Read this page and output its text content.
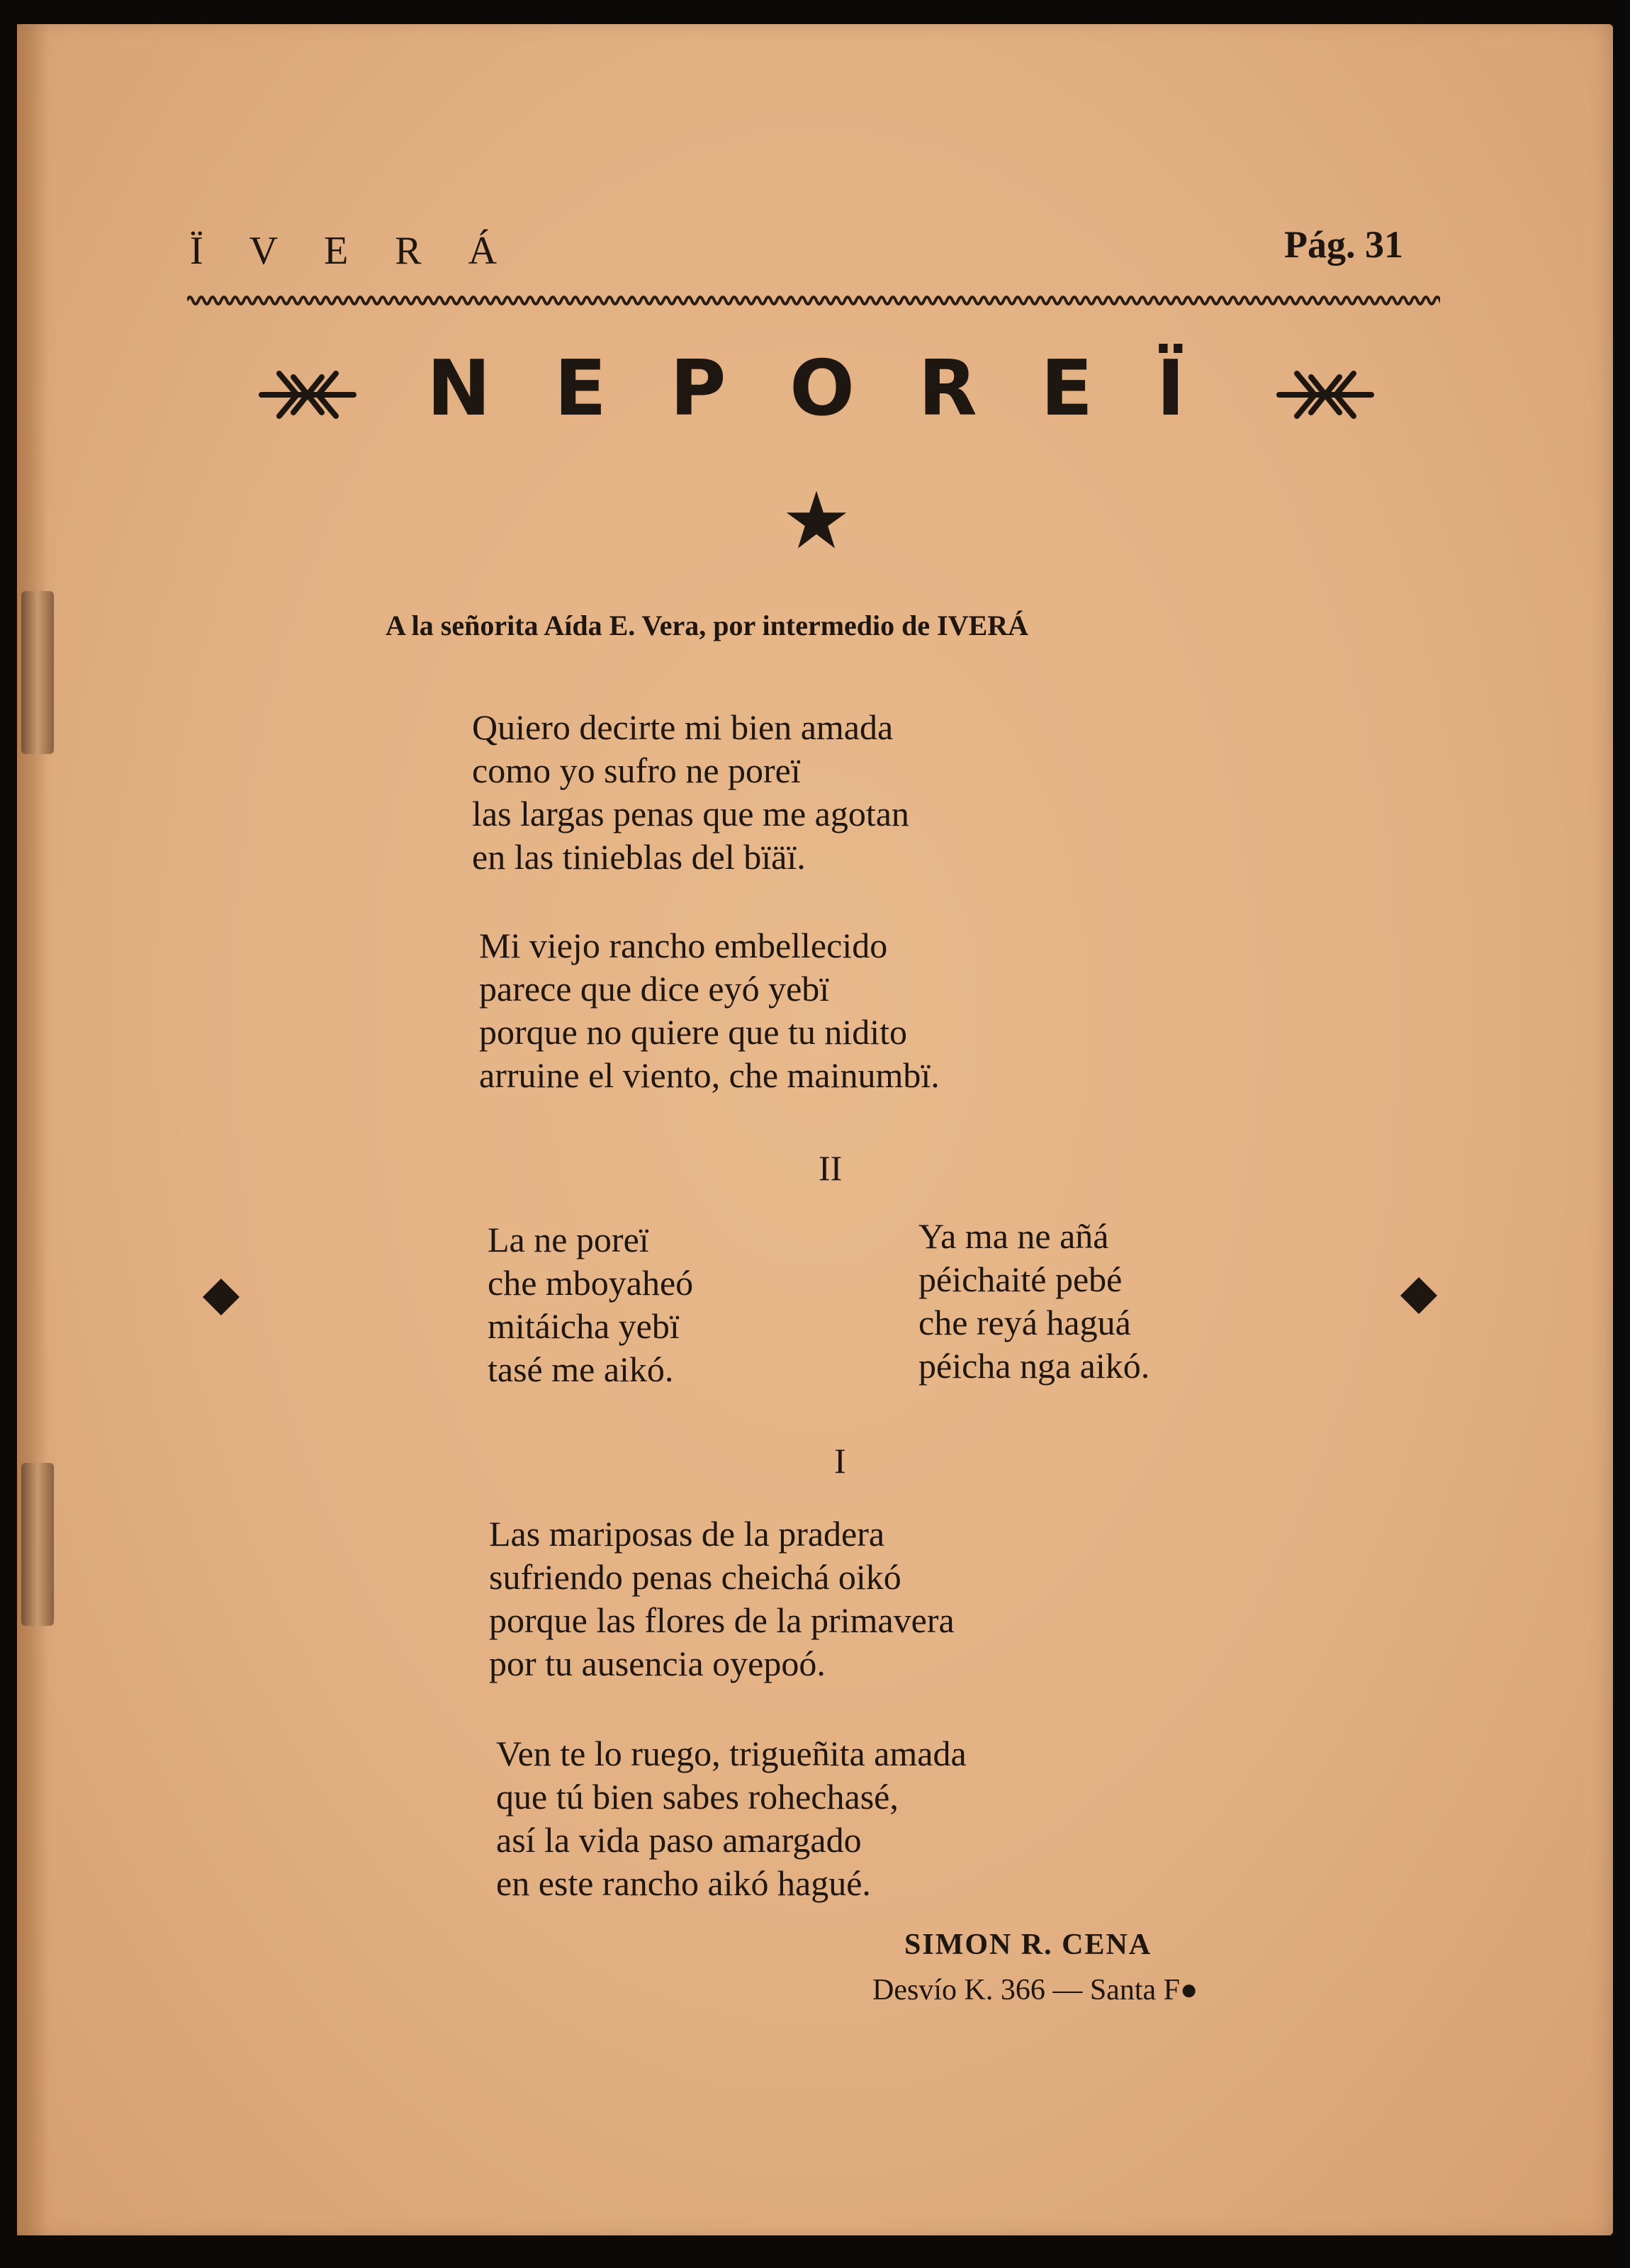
Ï V E R Á	Pág. 31
N E P O R E Ï
A la señorita Aída E. Vera, por intermedio de IVERÁ
Quiero decirte mi bien amada
como yo sufro ne poreï
las largas penas que me agotan
en las tinieblas del bïäï.
Mi viejo rancho embellecido
parece que dice eyó yebï
porque no quiere que tu nidito
arruine el viento, che mainumbï.
II
La ne poreï
che mboyaheó
mitáicha yebï
tasé me aikó.
Ya ma ne añá
péichaité pebé
che reyá haguá
péicha nga aikó.
I
Las mariposas de la pradera
sufriendo penas cheichá oikó
porque las flores de la primavera
por tu ausencia oyepoó.
Ven te lo ruego, trigueñita amada
que tú bien sabes rohechasé,
así la vida paso amargado
en este rancho aikó hagué.
SIMON R. CENA
Desvío K. 366 — Santa F●
